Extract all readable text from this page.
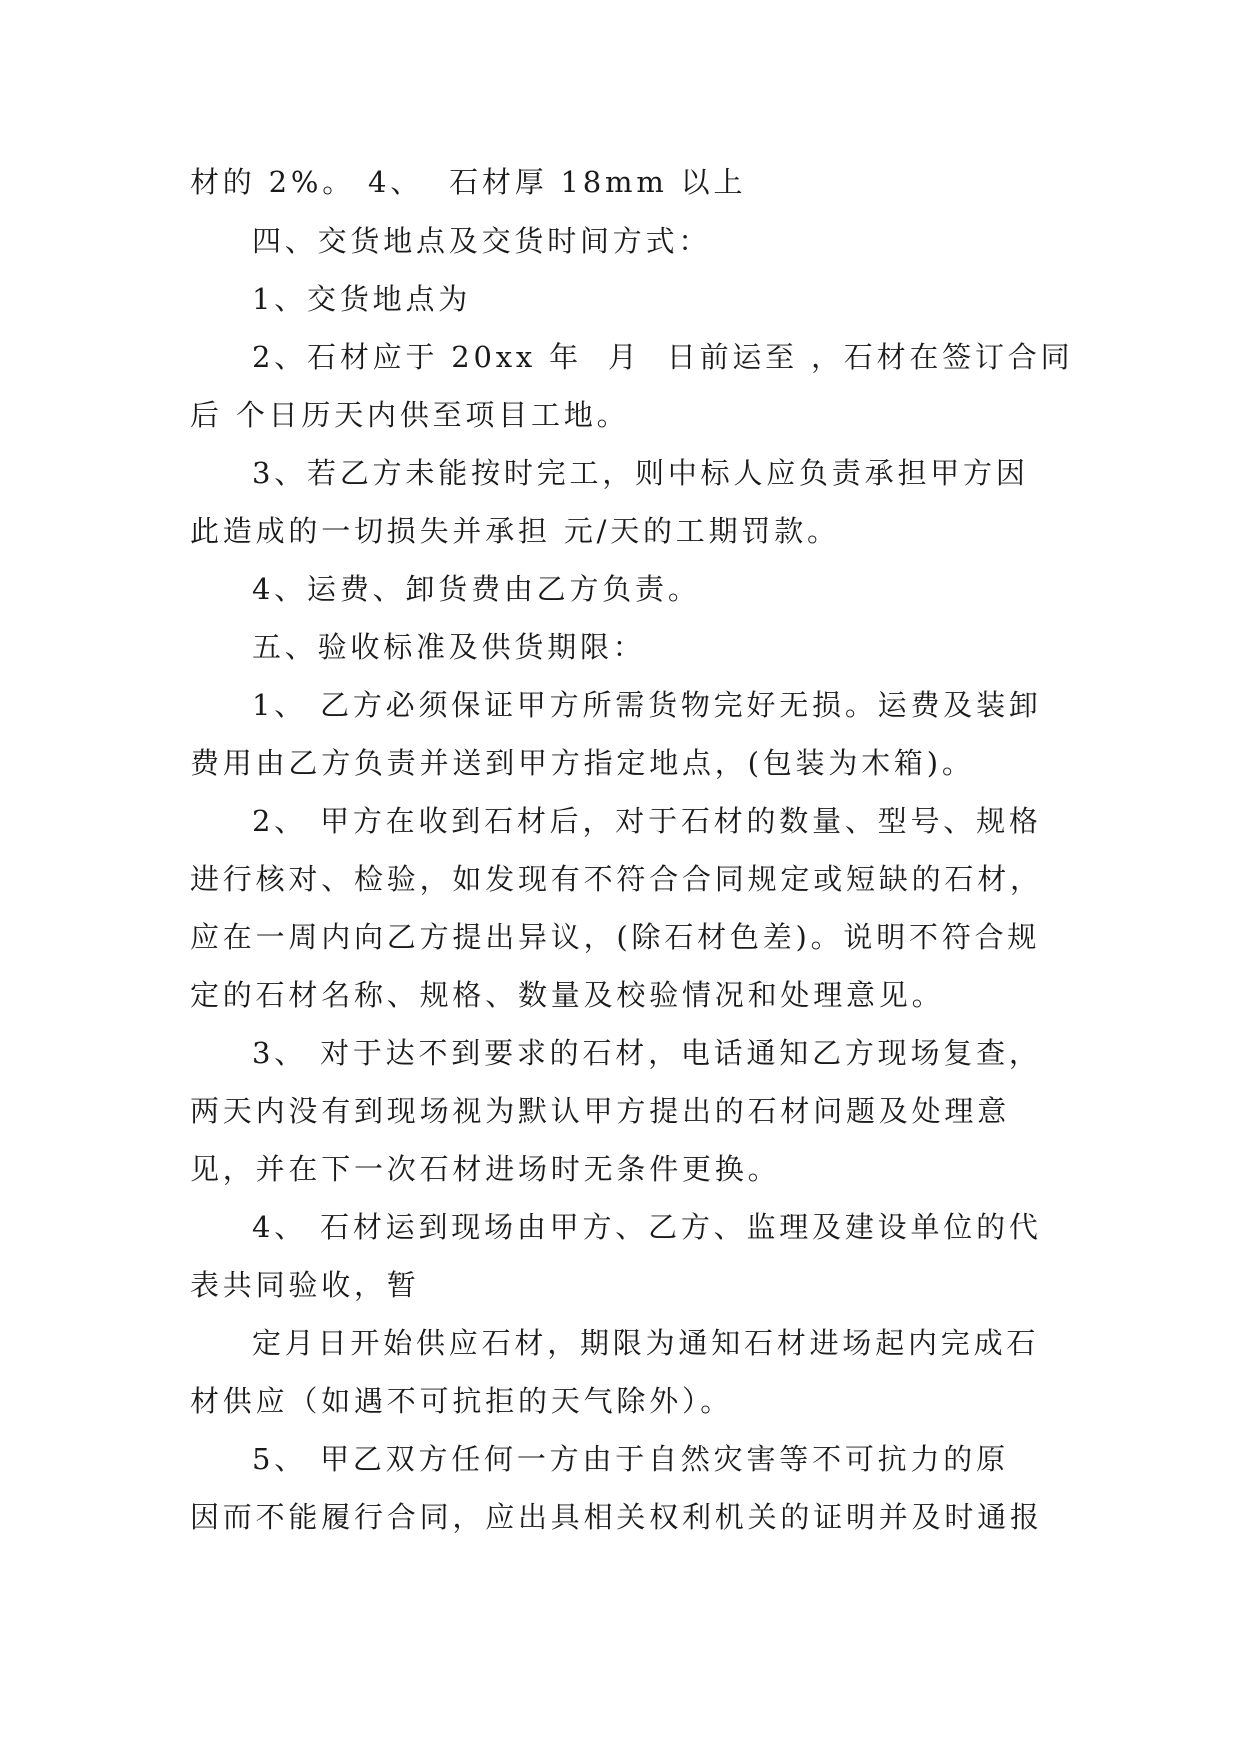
材的 2%。 4、  石材厚 18mm 以上

四、交货地点及交货时间方式：

1、交货地点为

2、石材应于 20xx 年  月  日前运至 ，石材在签订合同

后 个日历天内供至项目工地。

3、若乙方未能按时完工，则中标人应负责承担甲方因

此造成的一切损失并承担 元/天的工期罚款。

4、运费、卸货费由乙方负责。

五、验收标准及供货期限：

1、 乙方必须保证甲方所需货物完好无损。运费及装卸

费用由乙方负责并送到甲方指定地点，(包装为木箱)。

2、 甲方在收到石材后，对于石材的数量、型号、规格

进行核对、检验，如发现有不符合合同规定或短缺的石材，

应在一周内向乙方提出异议，(除石材色差)。说明不符合规

定的石材名称、规格、数量及校验情况和处理意见。

3、 对于达不到要求的石材，电话通知乙方现场复查，

两天内没有到现场视为默认甲方提出的石材问题及处理意

见，并在下一次石材进场时无条件更换。

4、 石材运到现场由甲方、乙方、监理及建设单位的代

表共同验收，暂

定月日开始供应石材，期限为通知石材进场起内完成石

材供应（如遇不可抗拒的天气除外）。

5、 甲乙双方任何一方由于自然灾害等不可抗力的原

因而不能履行合同，应出具相关权利机关的证明并及时通报
